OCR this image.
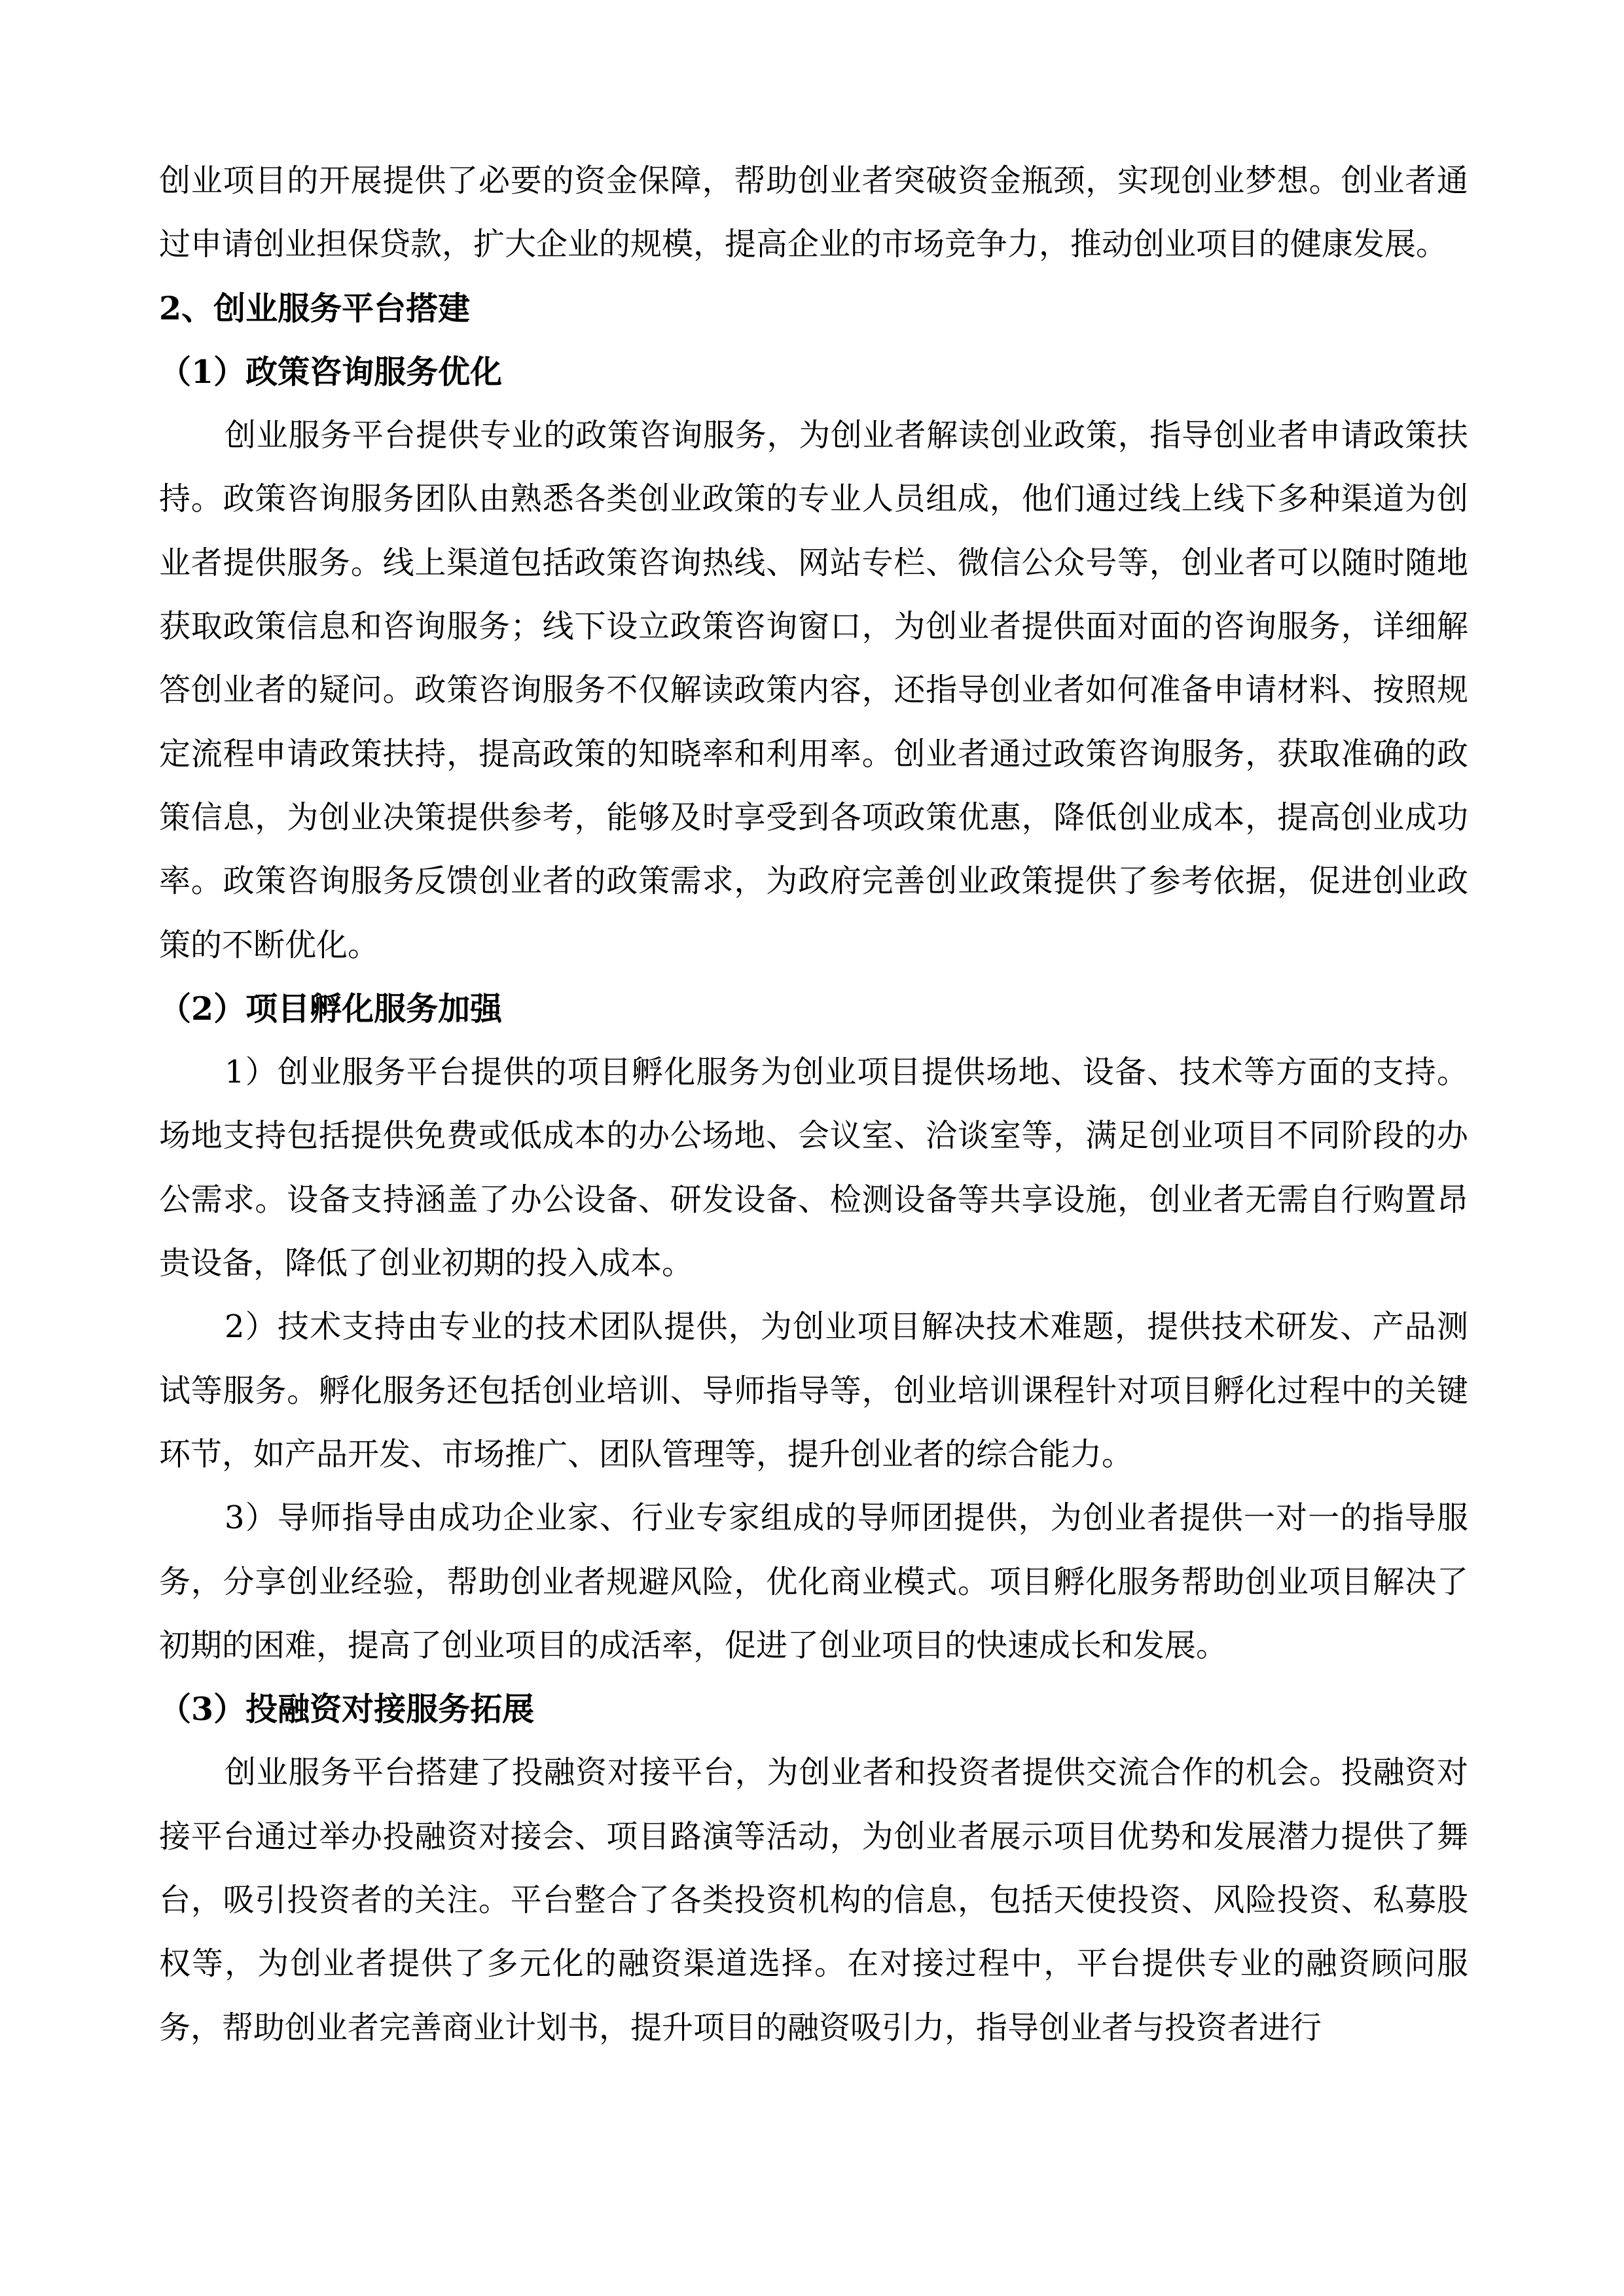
创业项目的开展提供了必要的资金保障，帮助创业者突破资金瓶颈，实现创业梦想。创业者通过申请创业担保贷款，扩大企业的规模，提高企业的市场竞争力，推动创业项目的健康发展。

2、创业服务平台搭建
（1）政策咨询服务优化

创业服务平台提供专业的政策咨询服务，为创业者解读创业政策，指导创业者申请政策扶持。政策咨询服务团队由熟悉各类创业政策的专业人员组成，他们通过线上线下多种渠道为创业者提供服务。线上渠道包括政策咨询热线、网站专栏、微信公众号等，创业者可以随时随地获取政策信息和咨询服务；线下设立政策咨询窗口，为创业者提供面对面的咨询服务，详细解答创业者的疑问。政策咨询服务不仅解读政策内容，还指导创业者如何准备申请材料、按照规定流程申请政策扶持，提高政策的知晓率和利用率。创业者通过政策咨询服务，获取准确的政策信息，为创业决策提供参考，能够及时享受到各项政策优惠，降低创业成本，提高创业成功率。政策咨询服务反馈创业者的政策需求，为政府完善创业政策提供了参考依据，促进创业政策的不断优化。

（2）项目孵化服务加强

1）创业服务平台提供的项目孵化服务为创业项目提供场地、设备、技术等方面的支持。场地支持包括提供免费或低成本的办公场地、会议室、洽谈室等，满足创业项目不同阶段的办公需求。设备支持涵盖了办公设备、研发设备、检测设备等共享设施，创业者无需自行购置昂贵设备，降低了创业初期的投入成本。

2）技术支持由专业的技术团队提供，为创业项目解决技术难题，提供技术研发、产品测试等服务。孵化服务还包括创业培训、导师指导等，创业培训课程针对项目孵化过程中的关键环节，如产品开发、市场推广、团队管理等，提升创业者的综合能力。

3）导师指导由成功企业家、行业专家组成的导师团提供，为创业者提供一对一的指导服务，分享创业经验，帮助创业者规避风险，优化商业模式。项目孵化服务帮助创业项目解决了初期的困难，提高了创业项目的成活率，促进了创业项目的快速成长和发展。

（3）投融资对接服务拓展

创业服务平台搭建了投融资对接平台，为创业者和投资者提供交流合作的机会。投融资对接平台通过举办投融资对接会、项目路演等活动，为创业者展示项目优势和发展潜力提供了舞台，吸引投资者的关注。平台整合了各类投资机构的信息，包括天使投资、风险投资、私募股权等，为创业者提供了多元化的融资渠道选择。在对接过程中，平台提供专业的融资顾问服务，帮助创业者完善商业计划书，提升项目的融资吸引力，指导创业者与投资者进行
